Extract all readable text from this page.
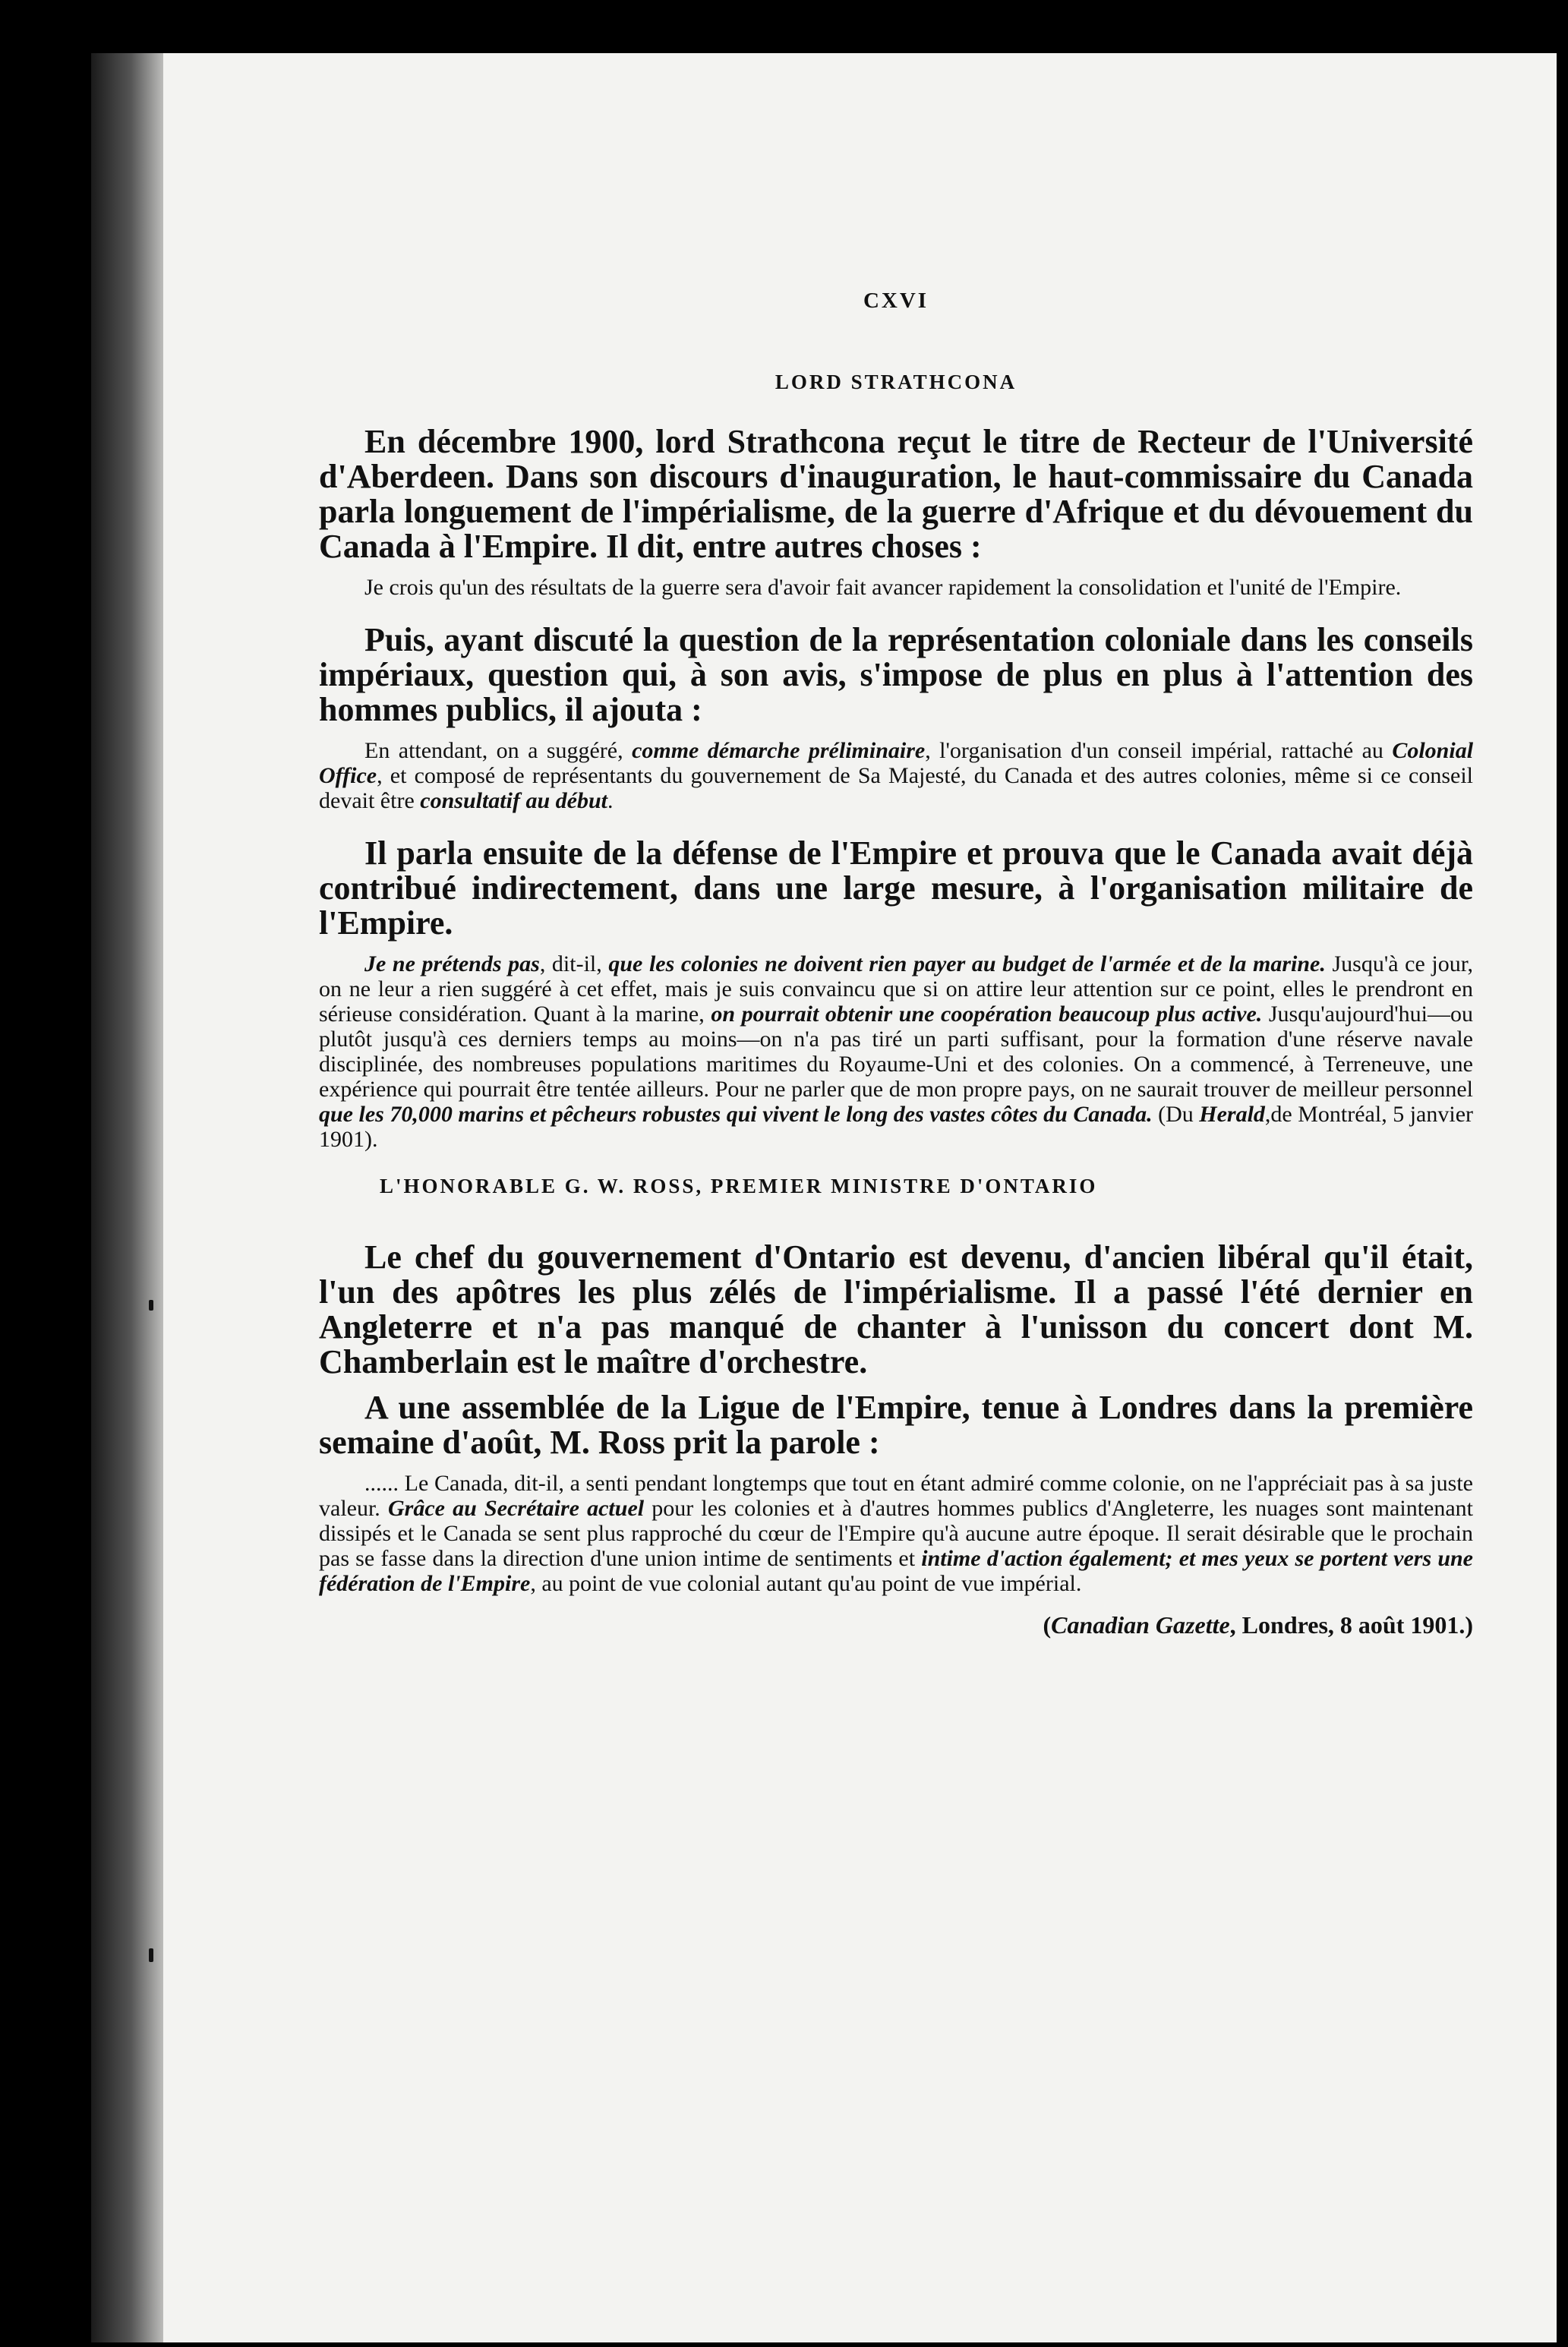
CXVI
LORD STRATHCONA

En décembre 1900, lord Strathcona reçut le titre de Recteur de l'Université d'Aberdeen. Dans son discours d'inauguration, le haut-commissaire du Canada parla longuement de l'impérialisme, de la guerre d'Afrique et du dévouement du Canada à l'Empire. Il dit, entre autres choses :

Je crois qu'un des résultats de la guerre sera d'avoir fait avancer rapidement la consolidation et l'unité de l'Empire.

Puis, ayant discuté la question de la représentation coloniale dans les conseils impériaux, question qui, à son avis, s'impose de plus en plus à l'attention des hommes publics, il ajouta :

En attendant, on a suggéré, comme démarche préliminaire, l'organisation d'un conseil impérial, rattaché au Colonial Office, et composé de représentants du gouvernement de Sa Majesté, du Canada et des autres colonies, même si ce conseil devait être consultatif au début.

Il parla ensuite de la défense de l'Empire et prouva que le Canada avait déjà contribué indirectement, dans une large mesure, à l'organisation militaire de l'Empire.

Je ne prétends pas, dit-il, que les colonies ne doivent rien payer au budget de l'armée et de la marine. Jusqu'à ce jour, on ne leur a rien suggéré à cet effet, mais je suis convaincu que si on attire leur attention sur ce point, elles le prendront en sérieuse considération. Quant à la marine, on pourrait obtenir une coopération beaucoup plus active. Jusqu'aujourd'hui—ou plutôt jusqu'à ces derniers temps au moins—on n'a pas tiré un parti suffisant, pour la formation d'une réserve navale disciplinée, des nombreuses populations maritimes du Royaume-Uni et des colonies. On a commencé, à Terreneuve, une expérience qui pourrait être tentée ailleurs. Pour ne parler que de mon propre pays, on ne saurait trouver de meilleur personnel que les 70,000 marins et pêcheurs robustes qui vivent le long des vastes côtes du Canada. (Du Herald,de Montréal, 5 janvier 1901).

L'HONORABLE G. W. ROSS, PREMIER MINISTRE D'ONTARIO

Le chef du gouvernement d'Ontario est devenu, d'ancien libéral qu'il était, l'un des apôtres les plus zélés de l'impérialisme. Il a passé l'été dernier en Angleterre et n'a pas manqué de chanter à l'unisson du concert dont M. Chamberlain est le maître d'orchestre.

A une assemblée de la Ligue de l'Empire, tenue à Londres dans la première semaine d'août, M. Ross prit la parole :

...... Le Canada, dit-il, a senti pendant longtemps que tout en étant admiré comme colonie, on ne l'appréciait pas à sa juste valeur. Grâce au Secrétaire actuel pour les colonies et à d'autres hommes publics d'Angleterre, les nuages sont maintenant dissipés et le Canada se sent plus rapproché du cœur de l'Empire qu'à aucune autre époque. Il serait désirable que le prochain pas se fasse dans la direction d'une union intime de sentiments et intime d'action également; et mes yeux se portent vers une fédération de l'Empire, au point de vue colonial autant qu'au point de vue impérial.

(Canadian Gazette, Londres, 8 août 1901.)
